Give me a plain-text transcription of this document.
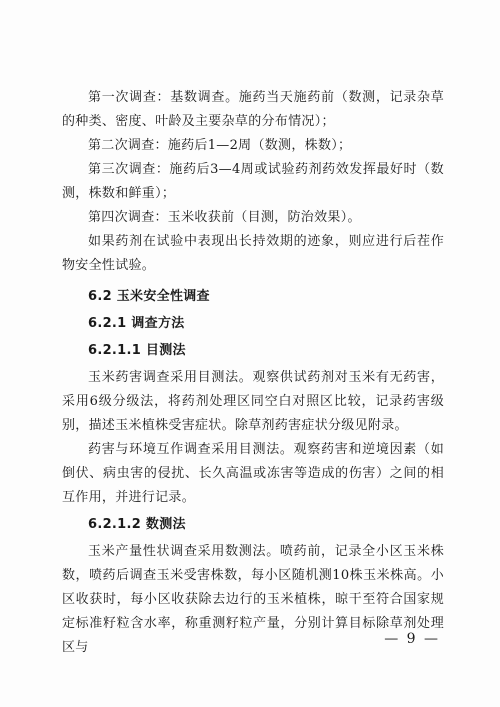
第一次调查：基数调查。施药当天施药前（数测，记录杂草的种类、密度、叶龄及主要杂草的分布情况）；

第二次调查：施药后1—2周（数测，株数）；

第三次调查：施药后3—4周或试验药剂药效发挥最好时（数测，株数和鲜重）；

第四次调查：玉米收获前（目测，防治效果）。

如果药剂在试验中表现出长持效期的迹象，则应进行后茬作物安全性试验。

6.2 玉米安全性调查

6.2.1 调查方法

6.2.1.1 目测法

玉米药害调查采用目测法。观察供试药剂对玉米有无药害，采用6级分级法，将药剂处理区同空白对照区比较，记录药害级别，描述玉米植株受害症状。除草剂药害症状分级见附录。

药害与环境互作调查采用目测法。观察药害和逆境因素（如倒伏、病虫害的侵扰、长久高温或冻害等造成的伤害）之间的相互作用，并进行记录。

6.2.1.2 数测法

玉米产量性状调查采用数测法。喷药前，记录全小区玉米株数，喷药后调查玉米受害株数，每小区随机测10株玉米株高。小区收获时，每小区收获除去边行的玉米植株，晾干至符合国家规定标准籽粒含水率，称重测籽粒产量，分别计算目标除草剂处理区与

— 9 —
